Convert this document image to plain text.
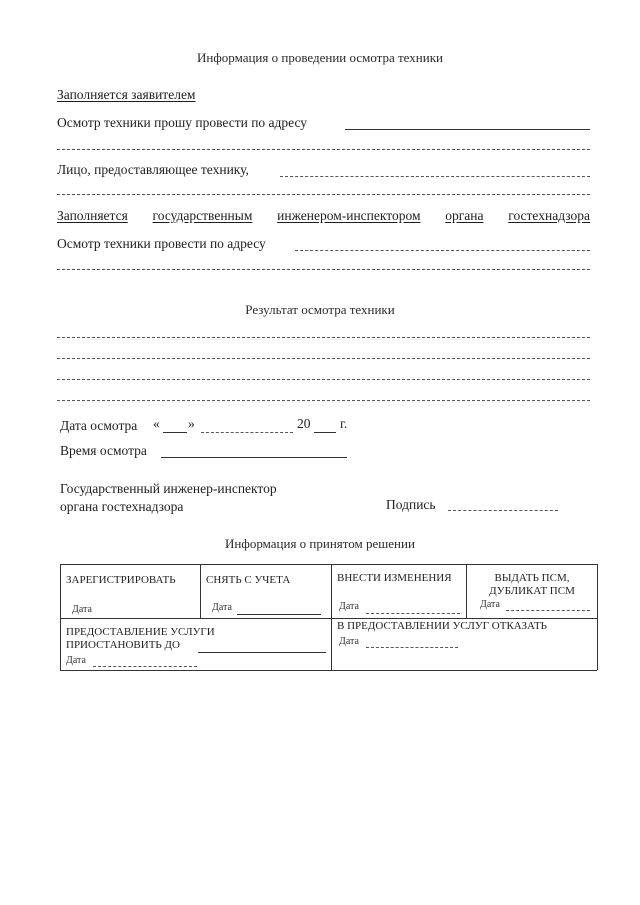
Информация о проведении осмотра техники
Заполняется заявителем
Осмотр техники прошу провести по адресу
Лицо, предоставляющее технику,
Заполняется государственным инженером-инспектором органа гостехнадзора
Осмотр техники провести по адресу
Результат осмотра техники
Дата осмотра « »	20 г.
Время осмотра
Государственный инженер-инспектор
органа гостехнадзора	Подпись
Информация о принятом решении
ЗАРЕГИСТРИРОВАТЬ
Дата
СНЯТЬ С УЧЕТА
Дата
ВНЕСТИ ИЗМЕНЕНИЯ
Дата
ВЫДАТЬ ПСМ,
ДУБЛИКАТ ПСМ
Дата
ПРЕДОСТАВЛЕНИЕ УСЛУГИ
ПРИОСТАНОВИТЬ ДО
Дата
В ПРЕДОСТАВЛЕНИИ УСЛУГ ОТКАЗАТЬ
Дата
